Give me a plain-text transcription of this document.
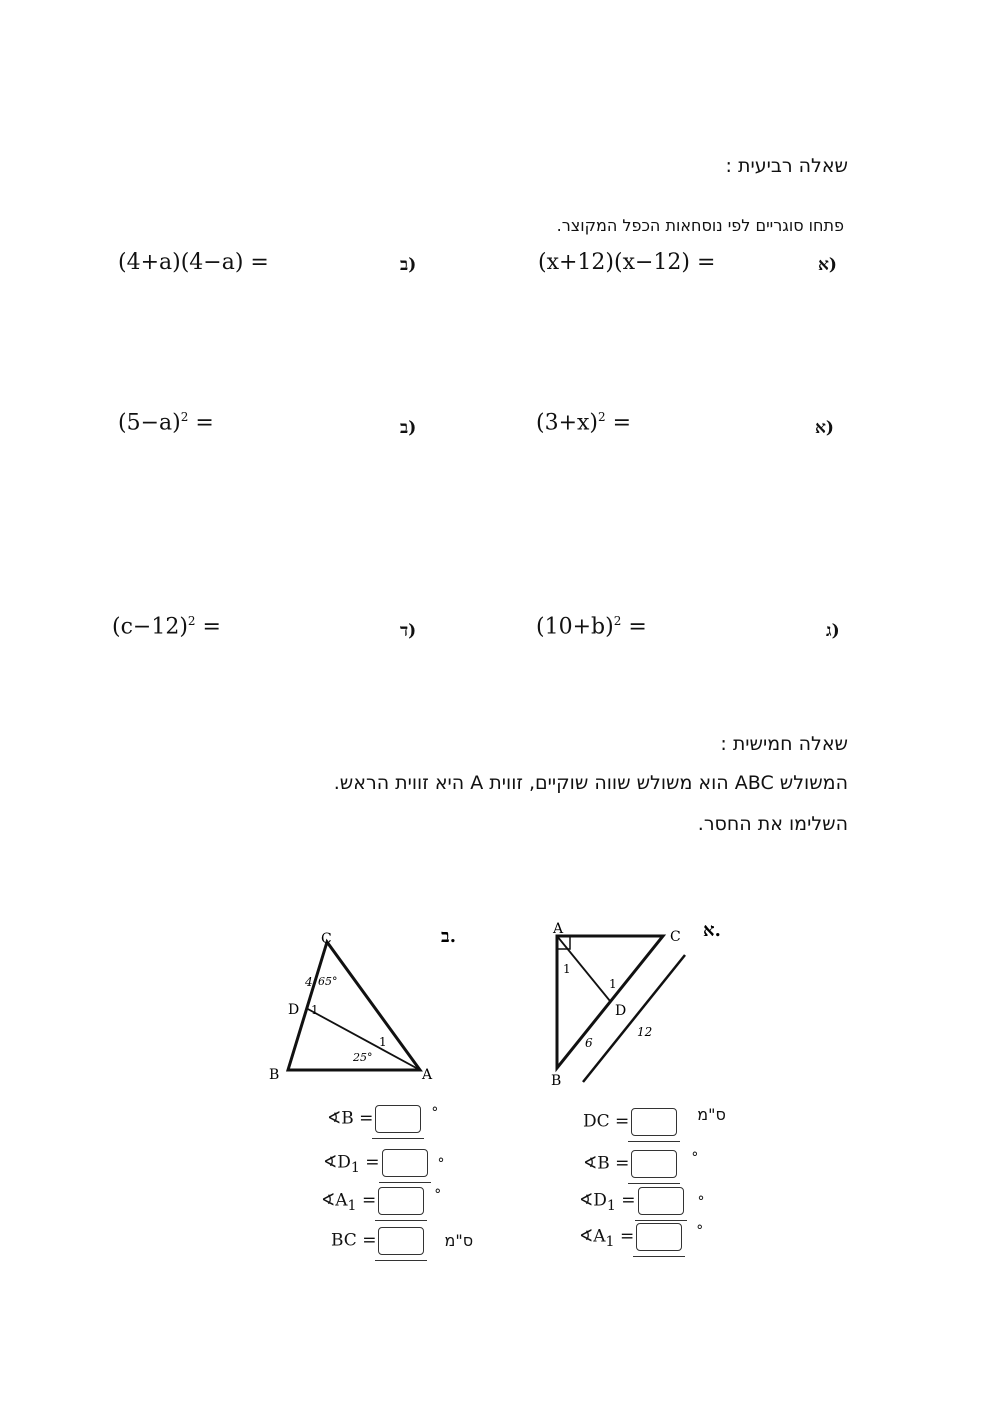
שאלה רביעית :
פתחו סוגריים לפי נוסחאות הכפל המקוצר.
(א
(x+12)(x−12) =
(ב
(4+a)(4−a) =
(א
$(3+x)^2$ =
(ב
$(5-a)^2$ =
(ג
$(10+b)^2$ =
(ד
$(c-12)^2$ =
שאלה חמישית :
המשולש ABC הוא משולש שווה שוקיים, זווית A היא זווית הראש.
השלימו את החסר.
C
D
B	A
4 65°
1
1
25°
ב.	A	C
D
B
1
1
6
12
א.
∢B =	°
$∢D_1$ =	°
$∢A_1$ =	°
BC =	ס"מ
DC =	ס"מ
∢B =	°
$∢D_1$ =	°
$∢A_1$ =	°
